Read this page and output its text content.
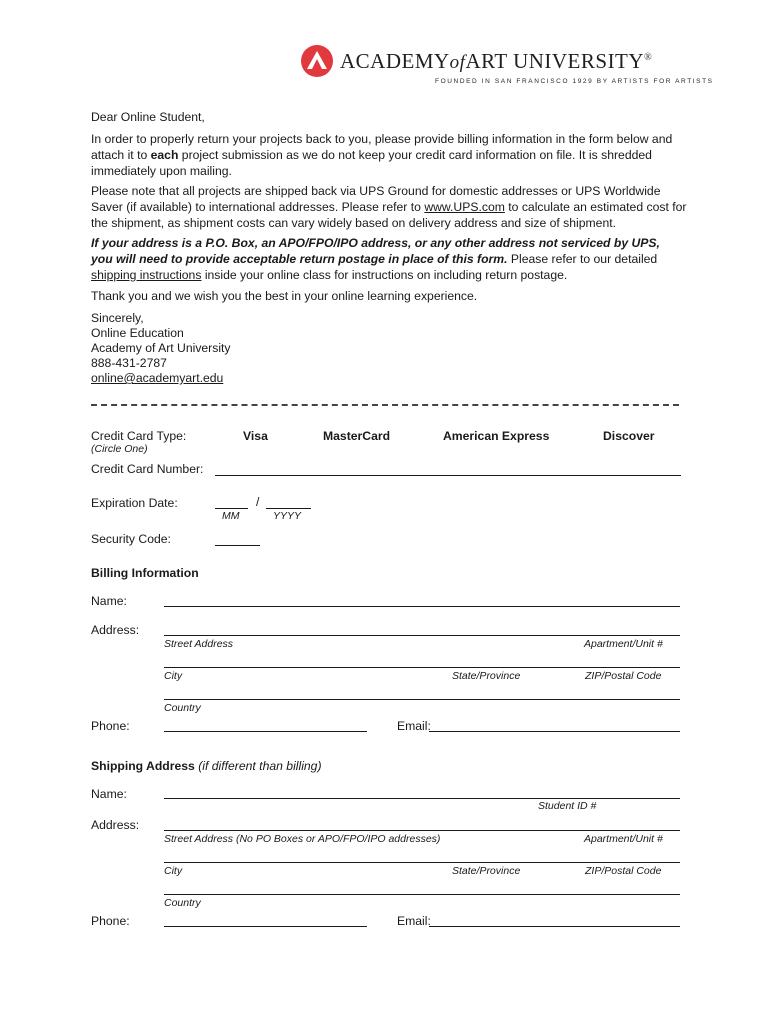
ACADEMYofART UNIVERSITY®
FOUNDED IN SAN FRANCISCO 1929 BY ARTISTS FOR ARTISTS
Dear Online Student,

In order to properly return your projects back to you, please provide billing information in the form below and attach it to each project submission as we do not keep your credit card information on file. It is shredded immediately upon mailing.

Please note that all projects are shipped back via UPS Ground for domestic addresses or UPS Worldwide Saver (if available) to international addresses. Please refer to www.UPS.com to calculate an estimated cost for the shipment, as shipment costs can vary widely based on delivery address and size of shipment.

If your address is a P.O. Box, an APO/FPO/IPO address, or any other address not serviced by UPS, you will need to provide acceptable return postage in place of this form. Please refer to our detailed shipping instructions inside your online class for instructions on including return postage.

Thank you and we wish you the best in your online learning experience.
Sincerely,
Online Education
Academy of Art University
888-431-2787
online@academyart.edu
Credit Card Type:
(Circle One)
Visa	MasterCard	American Express	Discover
Credit Card Number:
Expiration Date:	/
MM	YYYY
Security Code:
Billing Information
Name:
Address:
Street Address	Apartment/Unit #
City	State/Province	ZIP/Postal Code
Country
Phone:	Email:
Shipping Address (if different than billing)
Name:
Student ID #
Address:
Street Address (No PO Boxes or APO/FPO/IPO addresses)	Apartment/Unit #
City	State/Province	ZIP/Postal Code
Country
Phone:	Email:
